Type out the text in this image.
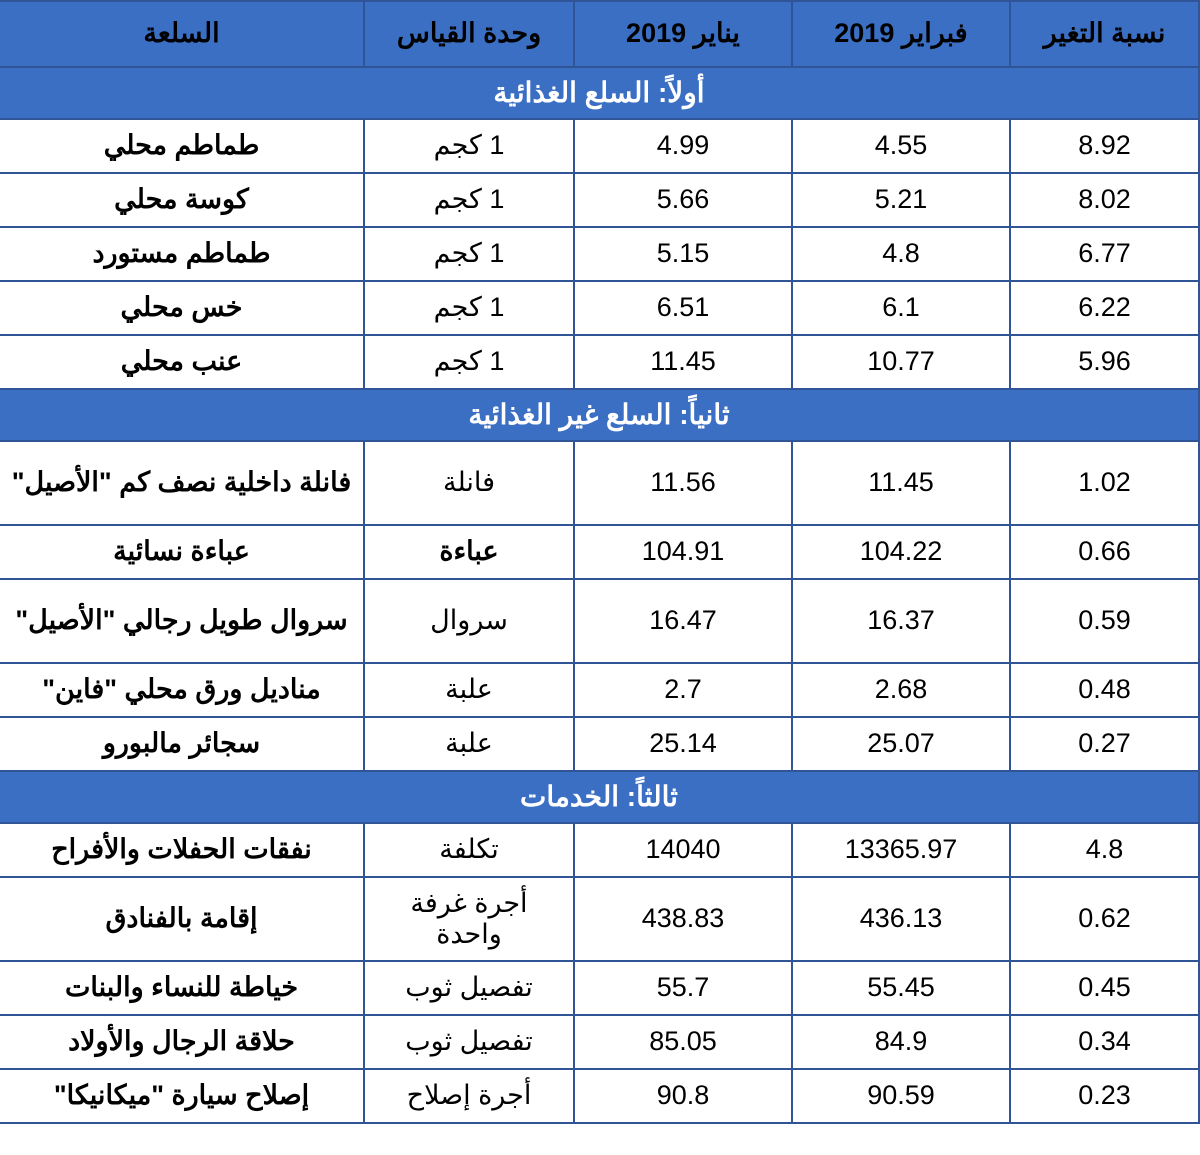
نسبة التغير	فبراير 2019	يناير 2019	وحدة القياس	السلعة
أولاً: السلع الغذائية				
8.92	4.55	4.99	1 كجم	طماطم محلي
8.02	5.21	5.66	1 كجم	كوسة محلي
6.77	4.8	5.15	1 كجم	طماطم مستورد
6.22	6.1	6.51	1 كجم	خس محلي
5.96	10.77	11.45	1 كجم	عنب محلي
ثانياً: السلع غير الغذائية				
1.02	11.45	11.56	فانلة	فانلة داخلية نصف كم "الأصيل"
0.66	104.22	104.91	عباءة	عباءة نسائية
0.59	16.37	16.47	سروال	سروال طويل رجالي "الأصيل"
0.48	2.68	2.7	علبة	مناديل ورق محلي "فاين"
0.27	25.07	25.14	علبة	سجائر مالبورو
ثالثاً: الخدمات				
4.8	13365.97	14040	تكلفة	نفقات الحفلات والأفراح
0.62	436.13	438.83	أجرة غرفة واحدة	إقامة بالفنادق
0.45	55.45	55.7	تفصيل ثوب	خياطة للنساء والبنات
0.34	84.9	85.05	تفصيل ثوب	حلاقة الرجال والأولاد
0.23	90.59	90.8	أجرة إصلاح	إصلاح سيارة "ميكانيكا"
